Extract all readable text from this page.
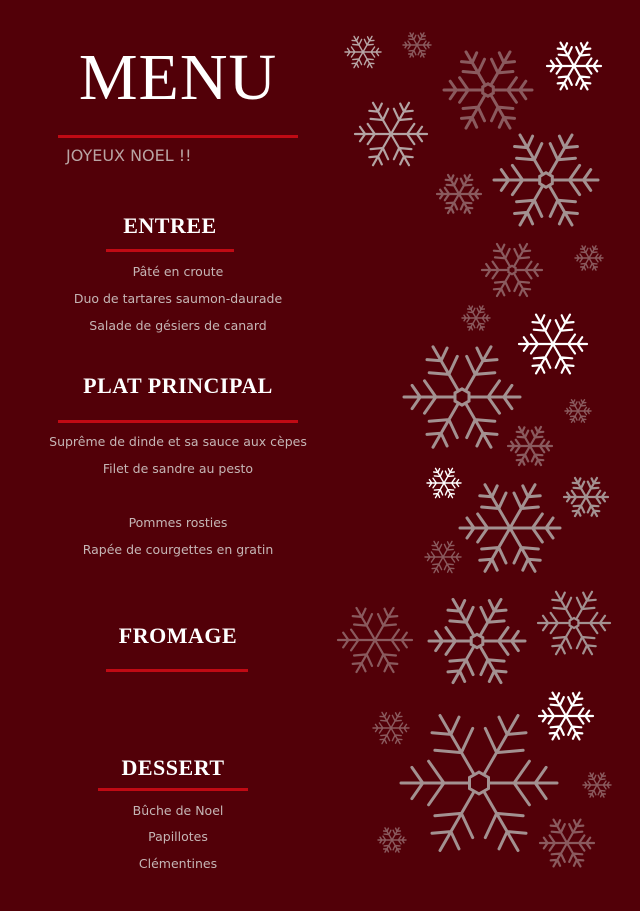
MENU
JOYEUX NOEL !!
ENTREE
Pâté en croute
Duo de tartares saumon-daurade
Salade de gésiers de canard
PLAT PRINCIPAL
Suprême de dinde et sa sauce aux cèpes
Filet de sandre au pesto
Pommes rosties
Rapée de courgettes en gratin
FROMAGE
DESSERT
Bûche de Noel
Papillotes
Clémentines
